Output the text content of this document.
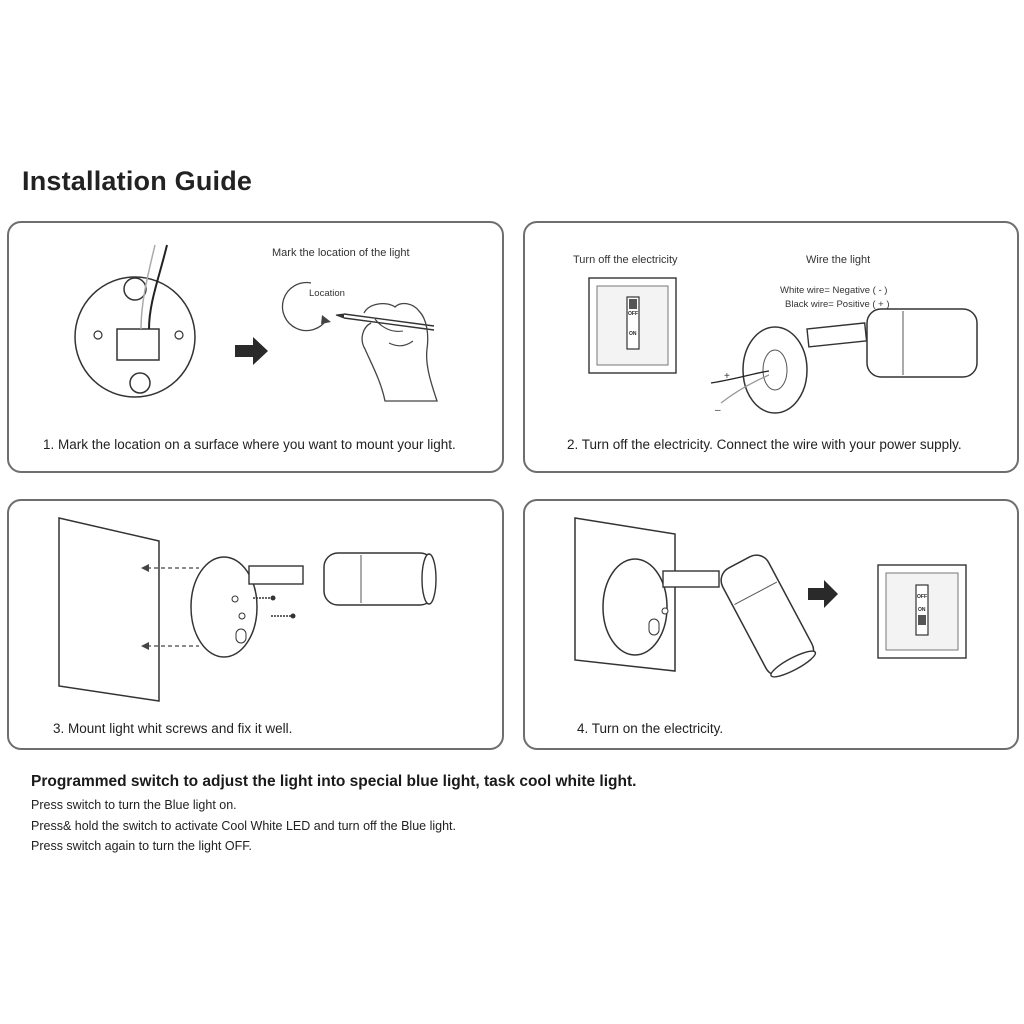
Installation Guide
Mark the location of the light
Location
1. Mark the location on a surface where you want to mount your light.
OFF
ON
+
–
Turn off the electricity	Wire the light
White wire= Negative ( - )
Black wire= Positive ( + )
2. Turn off the electricity. Connect the wire with your power supply.
3. Mount light whit screws and fix it well.
OFF
ON
4. Turn on the electricity.
Programmed switch to adjust the light into special blue light, task cool white light.
Press switch to turn the Blue light on.
Press& hold the switch to activate Cool White LED and turn off the Blue light.
Press switch again to turn the light OFF.
